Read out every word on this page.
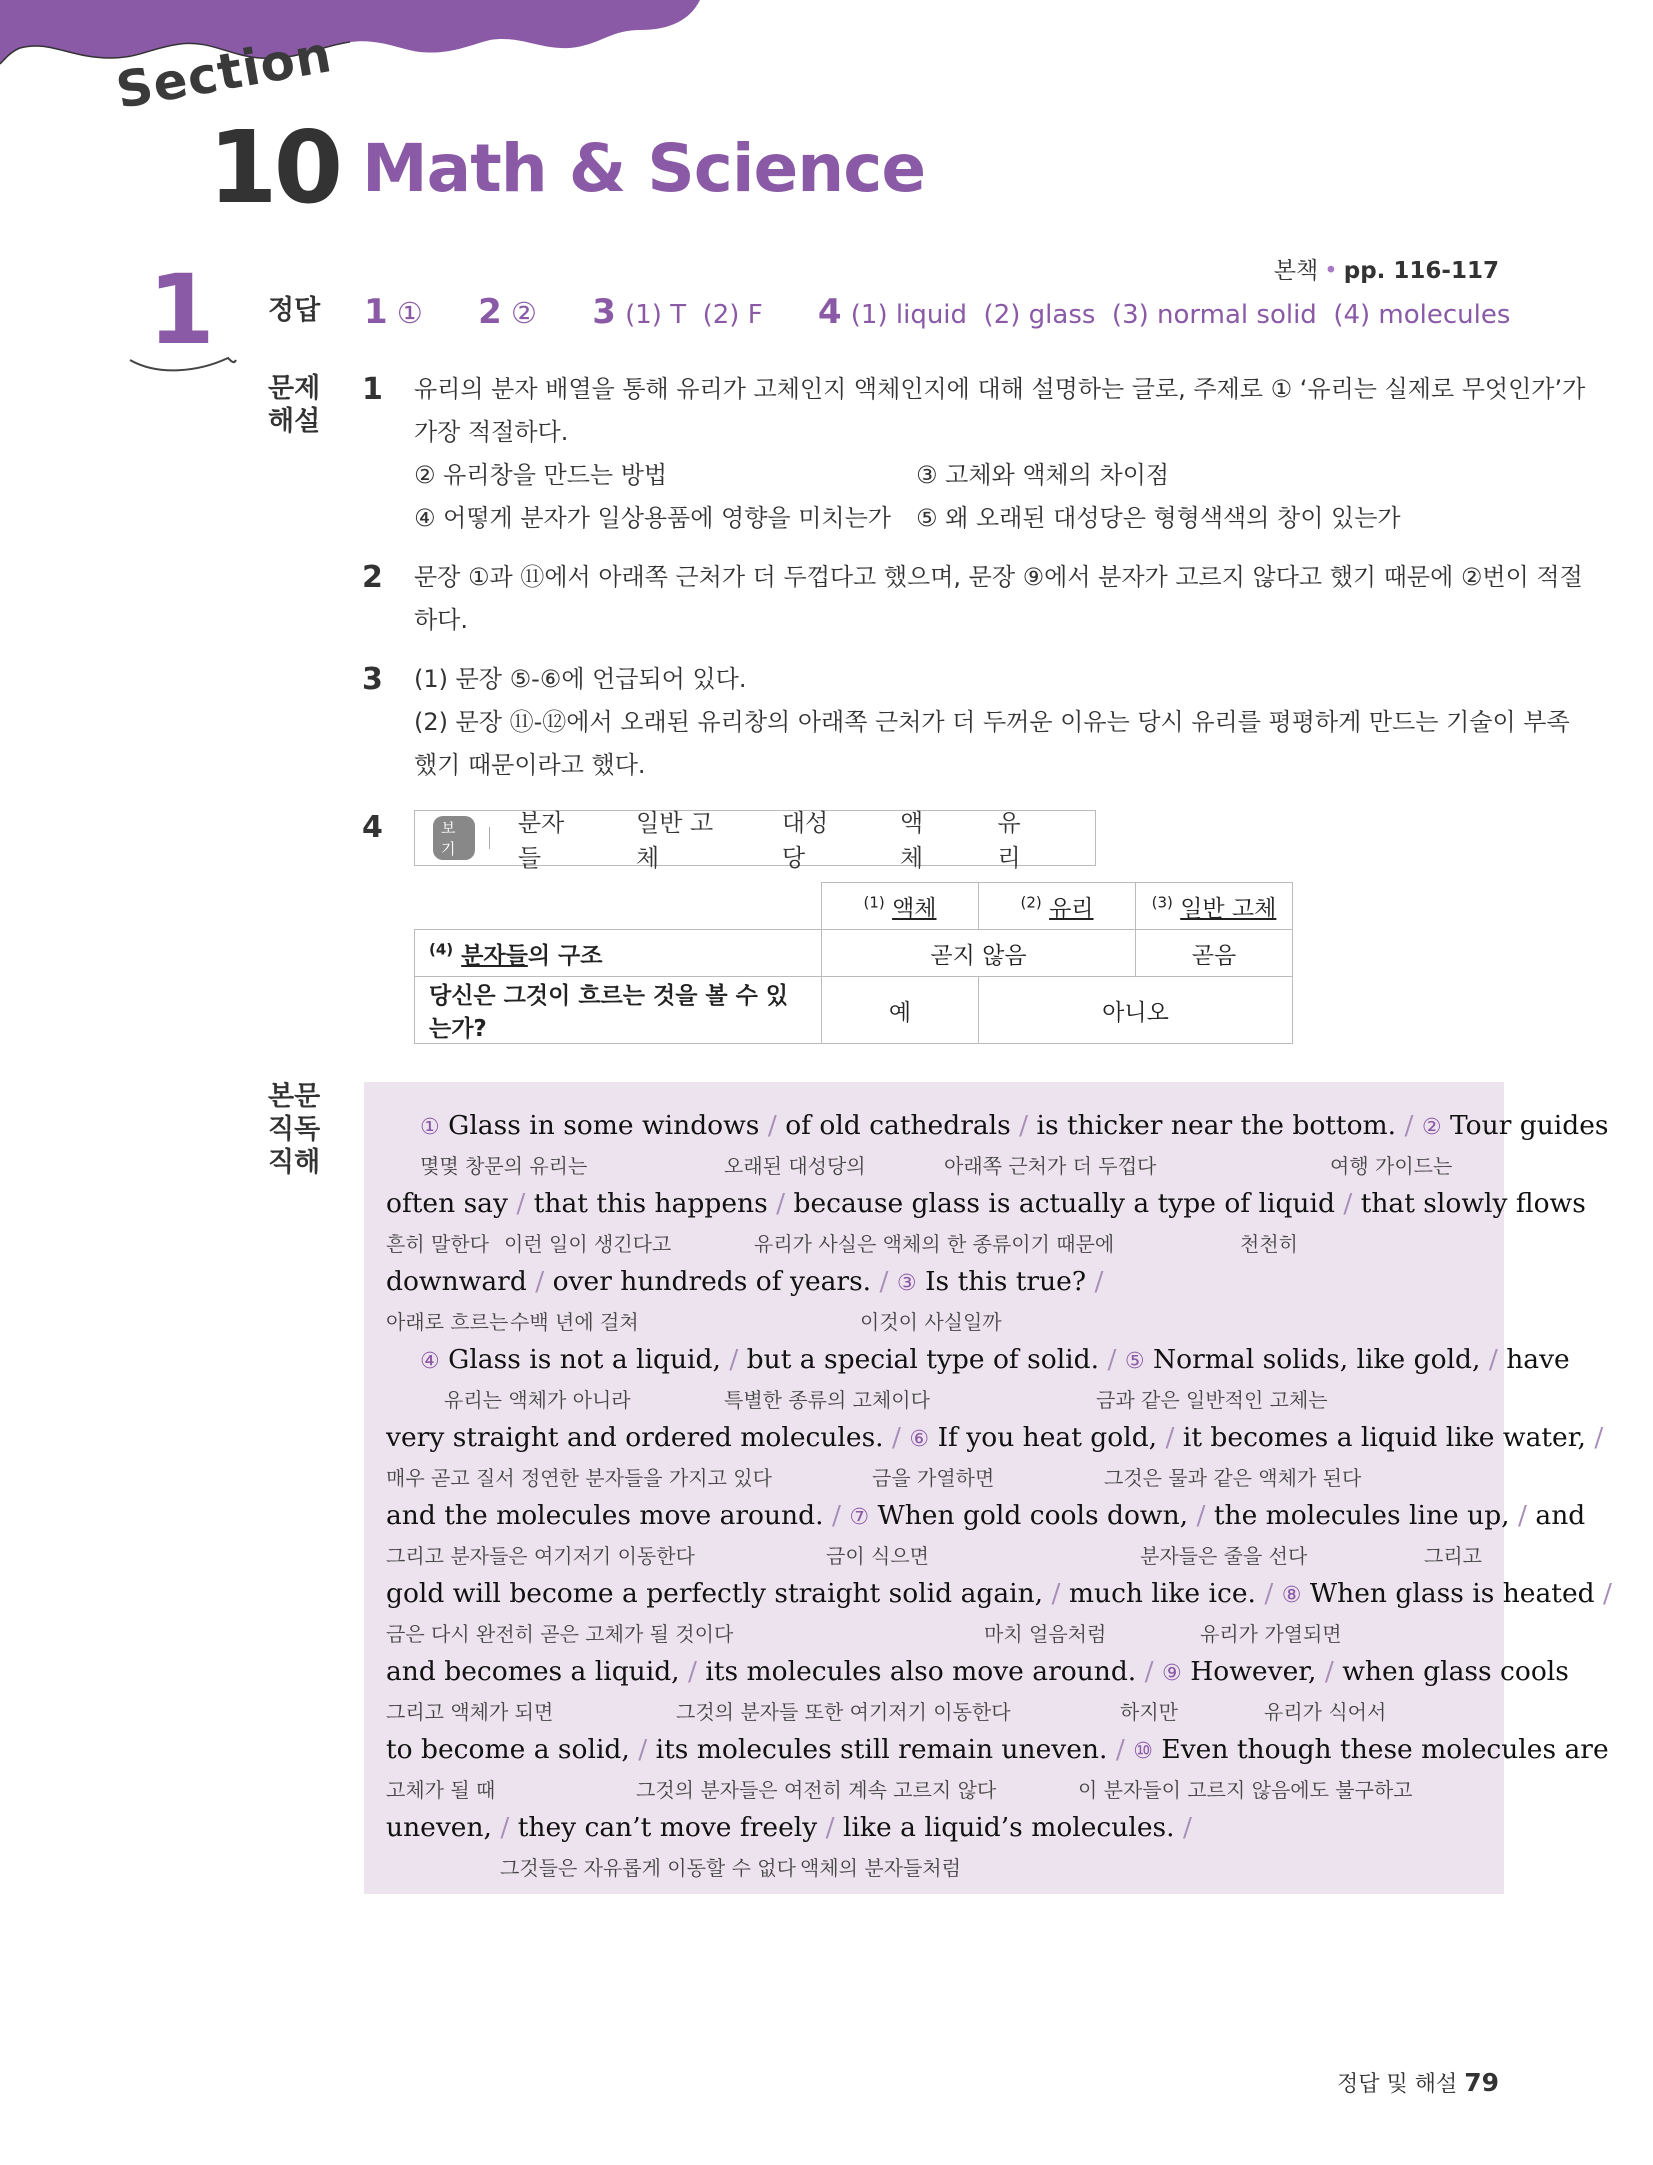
Section
10 Math & Science
본책 • pp. 116-117
1 정답 1 ① 2 ② 3 (1) T  (2) F 4 (1) liquid  (2) glass  (3) normal solid  (4) molecules
문제
해설
1 유리의 분자 배열을 통해 유리가 고체인지 액체인지에 대해 설명하는 글로, 주제로 ① ‘유리는 실제로 무엇인가’가
가장 적절하다.
② 유리창을 만드는 방법	③ 고체와 액체의 차이점
④ 어떻게 분자가 일상용품에 영향을 미치는가	⑤ 왜 오래된 대성당은 형형색색의 창이 있는가
2 문장 ①과 ⑪에서 아래쪽 근처가 더 두껍다고 했으며, 문장 ⑨에서 분자가 고르지 않다고 했기 때문에 ②번이 적절
하다.
3 (1) 문장 ⑤-⑥에 언급되어 있다.
(2) 문장 ⑪-⑫에서 오래된 유리창의 아래쪽 근처가 더 두꺼운 이유는 당시 유리를 평평하게 만드는 기술이 부족
했기 때문이라고 했다.
4	보기
분자들
일반 고체
대성당
액체
유리
	$^{(1)}$ 액체	$^{(2)}$ 유리	$^{(3)}$ 일반 고체
$^{(4)}$ 분자들의 구조	곧지 않음		곧음
당신은 그것이 흐르는 것을 볼 수 있는가?	예	아니오	
본문
직독
직해
① Glass in some windows / of old cathedrals / is thicker near the bottom. / ② Tour guides
몇몇 창문의 유리는	오래된 대성당의	아래쪽 근처가 더 두껍다	여행 가이드는
often say / that this happens / because glass is actually a type of liquid / that slowly flows
흔히 말한다 이런 일이 생긴다고	유리가 사실은 액체의 한 종류이기 때문에	천천히
downward / over hundreds of years. / ③ Is this true? /
아래로 흐르는 수백 년에 걸쳐	이것이 사실일까
④ Glass is not a liquid, / but a special type of solid. / ⑤ Normal solids, like gold, / have
유리는 액체가 아니라	특별한 종류의 고체이다	금과 같은 일반적인 고체는
very straight and ordered molecules. / ⑥ If you heat gold, / it becomes a liquid like water, /
매우 곧고 질서 정연한 분자들을 가지고 있다	금을 가열하면	그것은 물과 같은 액체가 된다
and the molecules move around. / ⑦ When gold cools down, / the molecules line up, / and
그리고 분자들은 여기저기 이동한다	금이 식으면	분자들은 줄을 선다	그리고
gold will become a perfectly straight solid again, / much like ice. / ⑧ When glass is heated /
금은 다시 완전히 곧은 고체가 될 것이다	마치 얼음처럼	유리가 가열되면
and becomes a liquid, / its molecules also move around. / ⑨ However, / when glass cools
그리고 액체가 되면	그것의 분자들 또한 여기저기 이동한다	하지만	유리가 식어서
to become a solid, / its molecules still remain uneven. / ⑩ Even though these molecules are
고체가 될 때	그것의 분자들은 여전히 계속 고르지 않다	이 분자들이 고르지 않음에도 불구하고
uneven, / they can’t move freely / like a liquid’s molecules. /
그것들은 자유롭게 이동할 수 없다 액체의 분자들처럼
정답 및 해설 79
